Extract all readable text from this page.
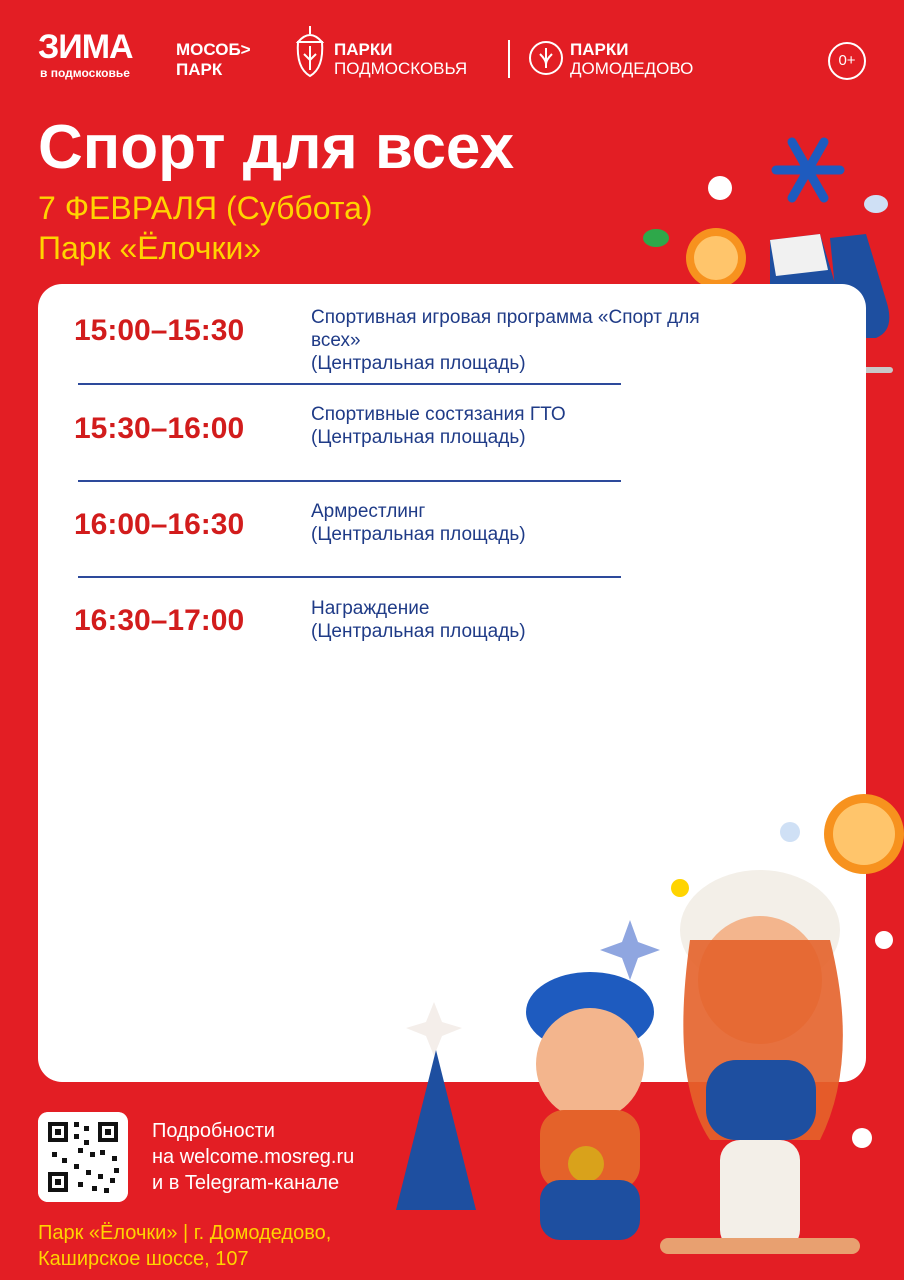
ЗИМА
в подмосковье
МОСОБ>
ПАРК
ПАРКИ
ПОДМОСКОВЬЯ
ПАРКИ
ДОМОДЕДОВО	0+
Спорт для всех
7 ФЕВРАЛЯ (Суббота)
Парк «Ёлочки»
15:00–15:30	Спортивная игровая программа «Спорт для всех»
(Центральная площадь)
15:30–16:00	Спортивные состязания ГТО
(Центральная площадь)
16:00–16:30	Армрестлинг
(Центральная площадь)
16:30–17:00	Награждение
(Центральная площадь)
Подробности
на welcome.mosreg.ru
и в Telegram-канале
Парк «Ёлочки» | г. Домодедово,
Каширское шоссе, 107
